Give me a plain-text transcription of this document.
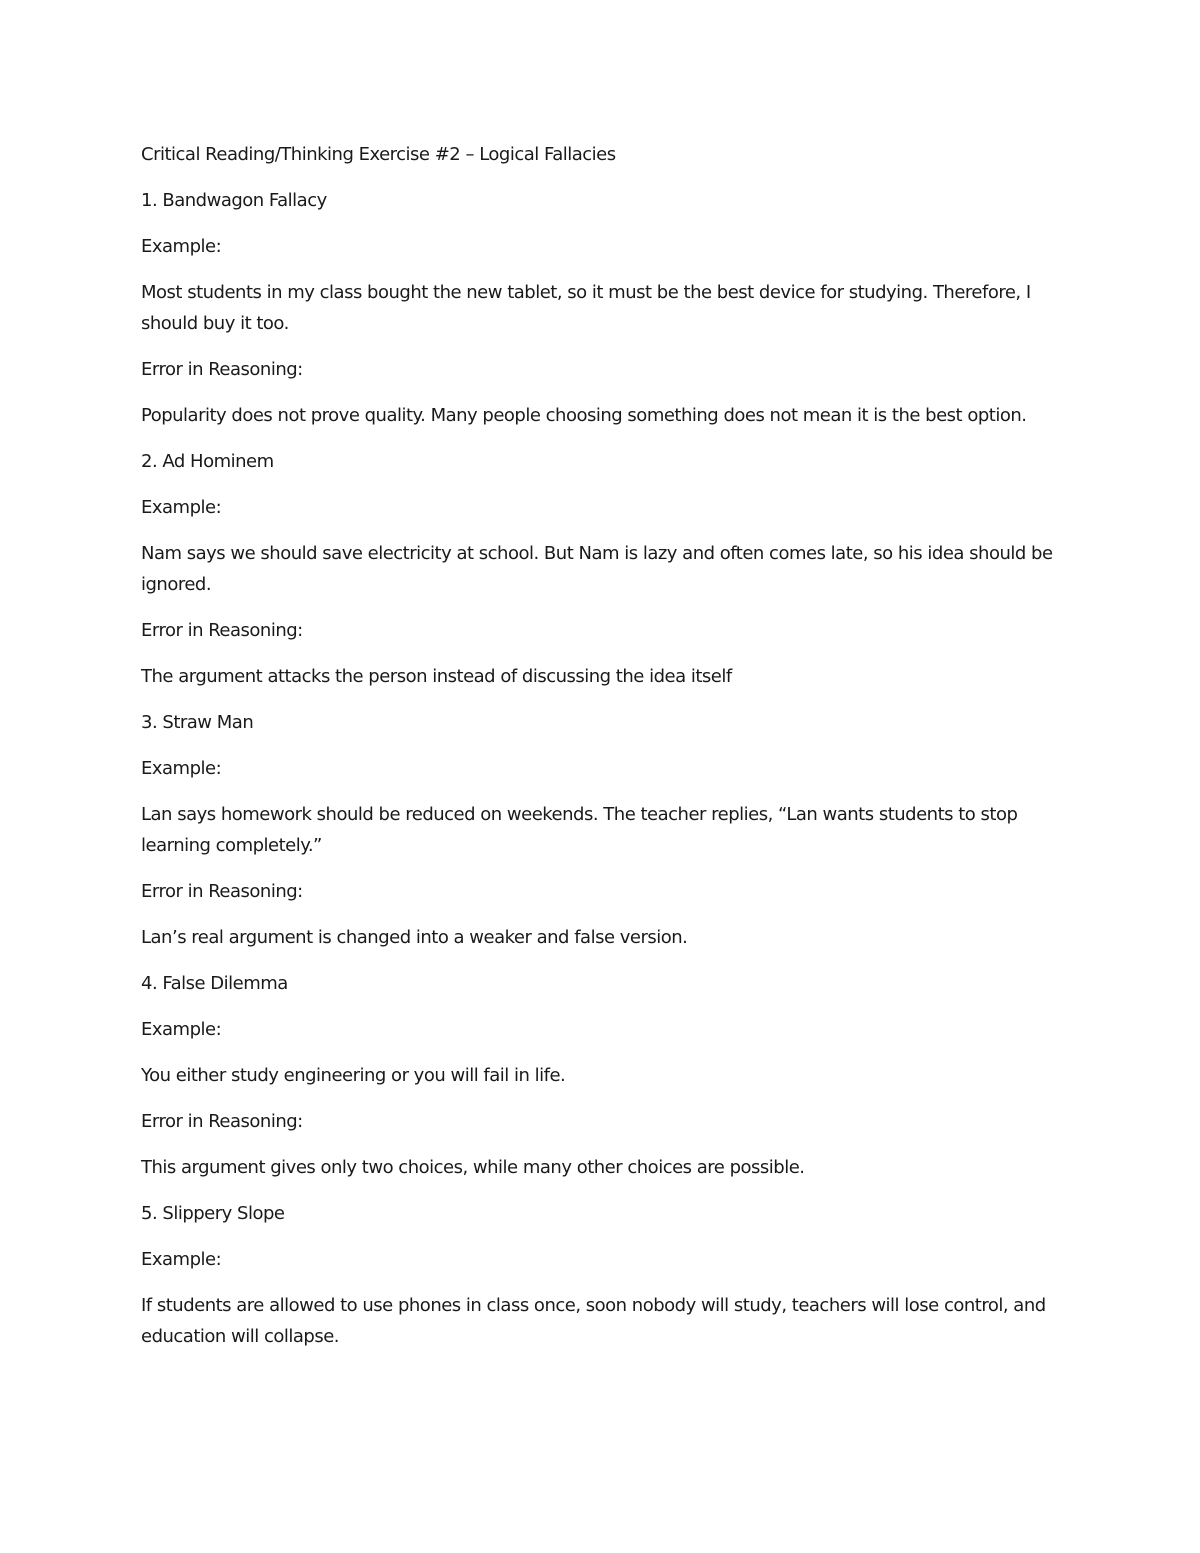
Critical Reading/Thinking Exercise #2 – Logical Fallacies

1. Bandwagon Fallacy

Example:

Most students in my class bought the new tablet, so it must be the best device for studying. Therefore, I should buy it too.

Error in Reasoning:

Popularity does not prove quality. Many people choosing something does not mean it is the best option.

2. Ad Hominem

Example:

Nam says we should save electricity at school. But Nam is lazy and often comes late, so his idea should be ignored.

Error in Reasoning:

The argument attacks the person instead of discussing the idea itself

3. Straw Man

Example:

Lan says homework should be reduced on weekends. The teacher replies, “Lan wants students to stop learning completely.”

Error in Reasoning:

Lan’s real argument is changed into a weaker and false version.

4. False Dilemma

Example:

You either study engineering or you will fail in life.

Error in Reasoning:

This argument gives only two choices, while many other choices are possible.

5. Slippery Slope

Example:

If students are allowed to use phones in class once, soon nobody will study, teachers will lose control, and education will collapse.
